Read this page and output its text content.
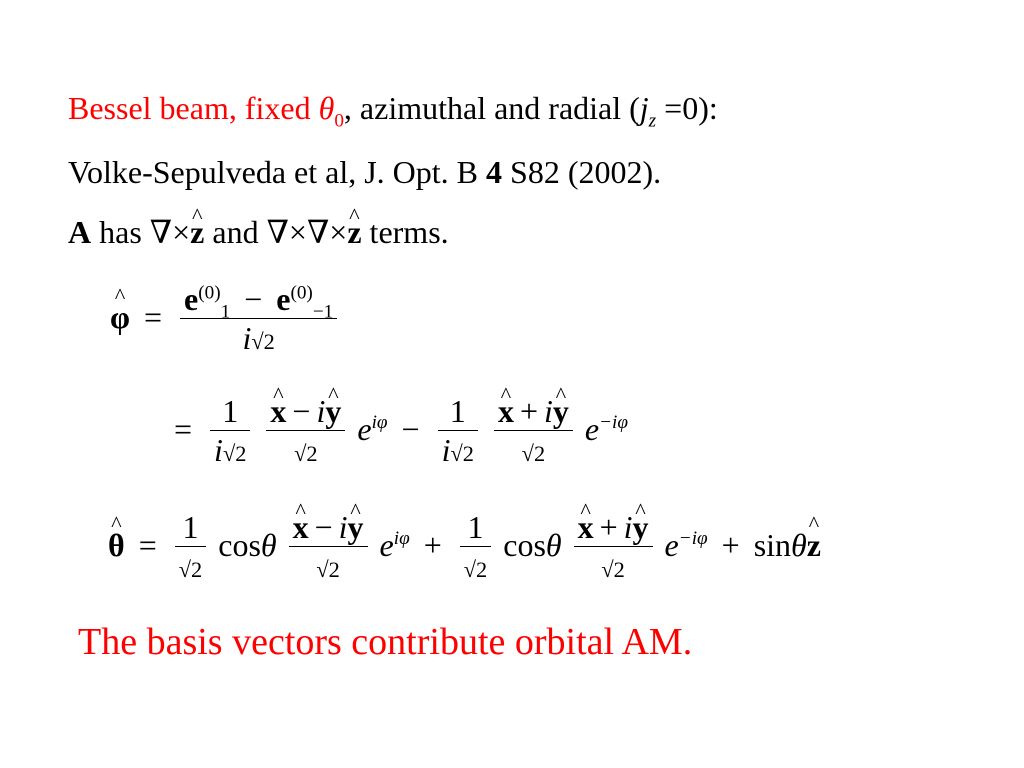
Bessel beam, fixed $\theta_0$, azimuthal and radial $(j_z =0)$:
Volke-Sepulveda et al, J. Opt. B 4 S82 (2002).
A has ∇×^ z and ∇×∇×^ z terms.
^ $\varphi = \frac{e^{(0)}_1 - e^{(0)}_{-1}}{i√2}$
= $\frac{1}{i√2}$
^ $\frac{x - i\^{} y}{√2} e^{i\varphi} - \frac{1}{i√2}$
^ $\frac{x + i\^{} y}{√2} e^{-i\varphi}$
^ $\theta = \frac{1}{√2}$ cosθ ^ $\frac{x - i\^{} y}{√2} e^{i\varphi} + \frac{1}{√2}$ cosθ ^ $\frac{x + i\^{} y}{√2} e^{-i\varphi}$ + sinθ^ z
The basis vectors contribute orbital AM.
